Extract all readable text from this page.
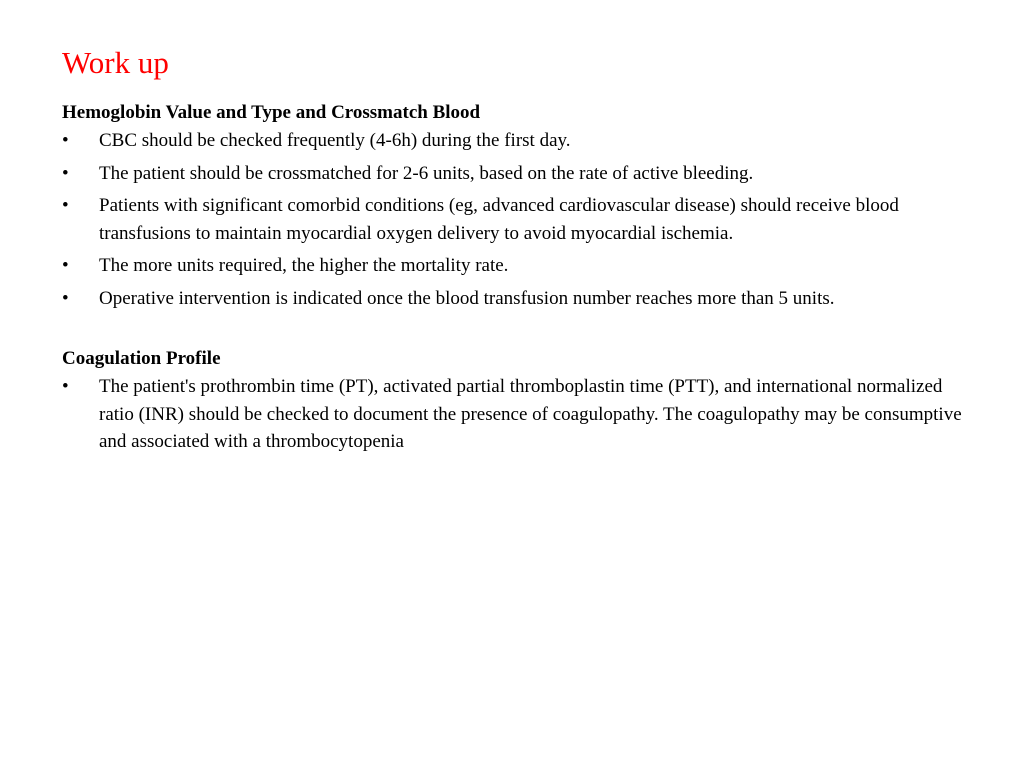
Work up

Hemoglobin Value and Type and Crossmatch Blood

•	CBC should be checked frequently (4-6h) during the first day.
•	The patient should be crossmatched for 2-6 units, based on the rate of active bleeding.
•	Patients with significant comorbid conditions (eg, advanced cardiovascular disease) should receive blood transfusions to maintain myocardial oxygen delivery to avoid myocardial ischemia.
•	The more units required, the higher the mortality rate.
•	Operative intervention is indicated once the blood transfusion number reaches more than 5 units.

Coagulation Profile

•	The patient's prothrombin time (PT), activated partial thromboplastin time (PTT), and international normalized ratio (INR) should be checked to document the presence of coagulopathy. The coagulopathy may be consumptive and associated with a thrombocytopenia
